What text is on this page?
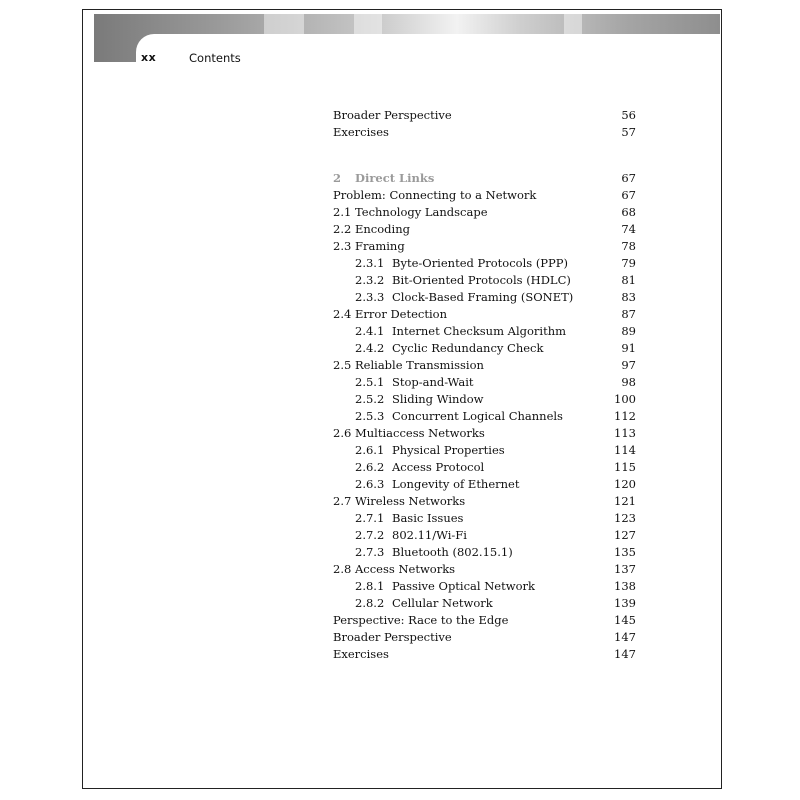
xx	Contents
Broader Perspective	56
Exercises	57
2 Direct Links	67
Problem: Connecting to a Network	67
2.1 Technology Landscape	68
2.2 Encoding	74
2.3 Framing	78
2.3.1 Byte-Oriented Protocols (PPP)	79
2.3.2 Bit-Oriented Protocols (HDLC)	81
2.3.3 Clock-Based Framing (SONET)	83
2.4 Error Detection	87
2.4.1 Internet Checksum Algorithm	89
2.4.2 Cyclic Redundancy Check	91
2.5 Reliable Transmission	97
2.5.1 Stop-and-Wait	98
2.5.2 Sliding Window	100
2.5.3 Concurrent Logical Channels	112
2.6 Multiaccess Networks	113
2.6.1 Physical Properties	114
2.6.2 Access Protocol	115
2.6.3 Longevity of Ethernet	120
2.7 Wireless Networks	121
2.7.1 Basic Issues	123
2.7.2 802.11/Wi-Fi	127
2.7.3 Bluetooth (802.15.1)	135
2.8 Access Networks	137
2.8.1 Passive Optical Network	138
2.8.2 Cellular Network	139
Perspective: Race to the Edge	145
Broader Perspective	147
Exercises	147
